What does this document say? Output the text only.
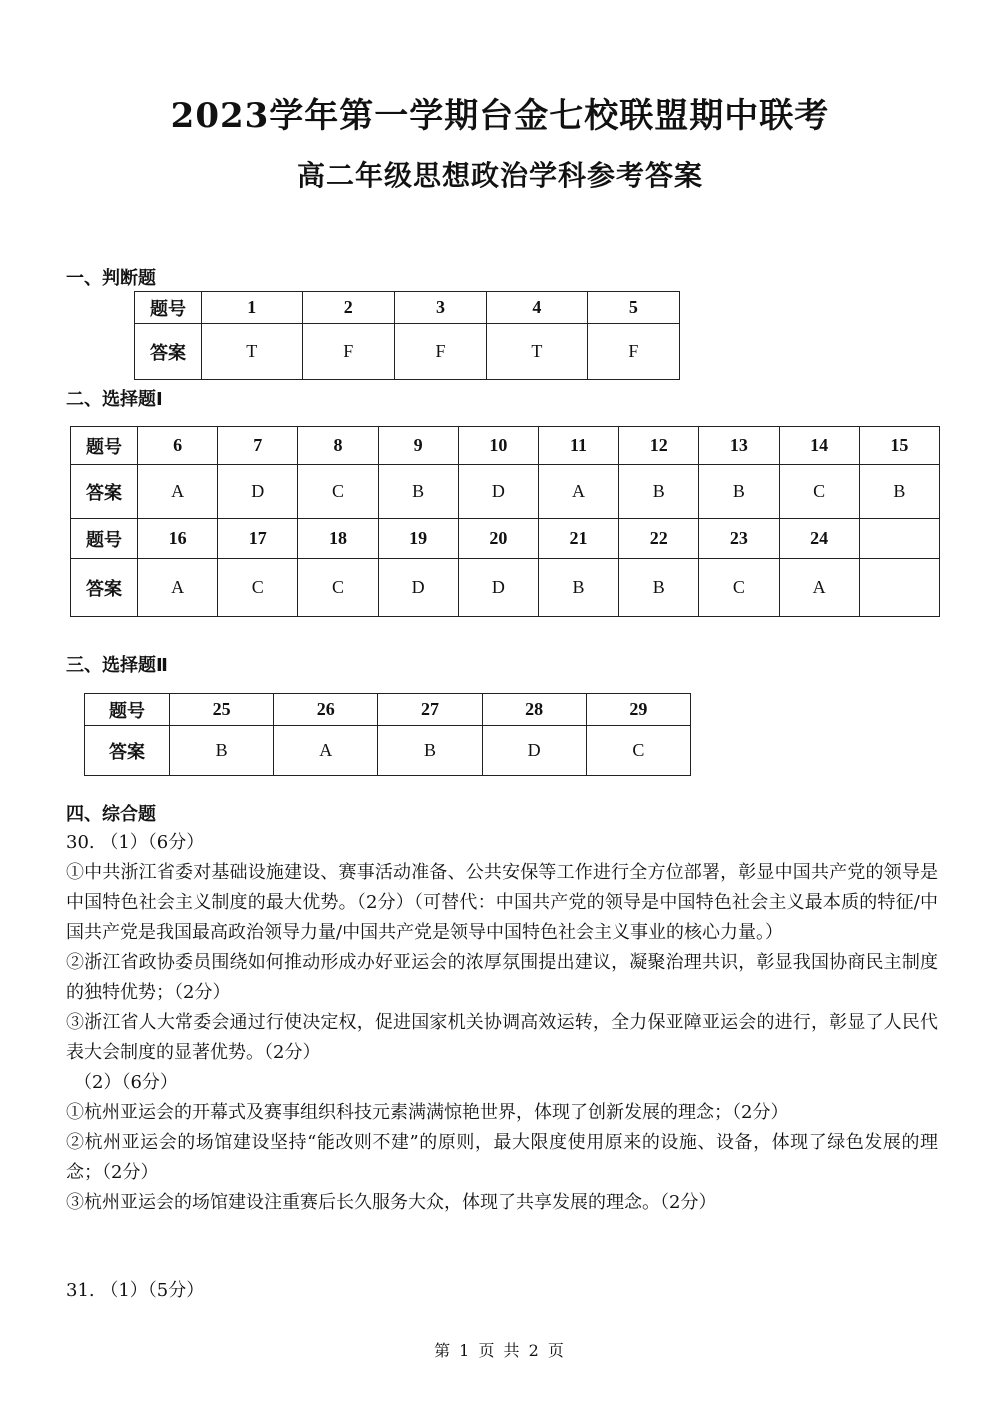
2023学年第一学期台金七校联盟期中联考
高二年级思想政治学科参考答案
一、判断题
题号	1	2	3	4	5
答案	T	F	F	T	F
二、选择题Ⅰ
题号	6	7	8	9	10	11	12	13	14	15
答案	A	D	C	B	D	A	B	B	C	B
题号	16	17	18	19	20	21	22	23	24	
答案	A	C	C	D	D	B	B	C	A	
三、选择题Ⅱ
题号	25	26	27	28	29
答案	B	A	B	D	C
四、综合题

30. （1）（6分）

①中共浙江省委对基础设施建设、赛事活动准备、公共安保等工作进行全方位部署，彰显中国共产党的领导是中国特色社会主义制度的最大优势。（2分）（可替代：中国共产党的领导是中国特色社会主义最本质的特征/中国共产党是我国最高政治领导力量/中国共产党是领导中国特色社会主义事业的核心力量。）

②浙江省政协委员围绕如何推动形成办好亚运会的浓厚氛围提出建议，凝聚治理共识，彰显我国协商民主制度的独特优势；（2分）

③浙江省人大常委会通过行使决定权，促进国家机关协调高效运转，全力保亚障亚运会的进行，彰显了人民代表大会制度的显著优势。（2分）

（2）（6分）

①杭州亚运会的开幕式及赛事组织科技元素满满惊艳世界，体现了创新发展的理念；（2分）

②杭州亚运会的场馆建设坚持“能改则不建”的原则，最大限度使用原来的设施、设备，体现了绿色发展的理念；（2分）

③杭州亚运会的场馆建设注重赛后长久服务大众，体现了共享发展的理念。（2分）

31. （1）（5分）
第 1 页 共 2 页
